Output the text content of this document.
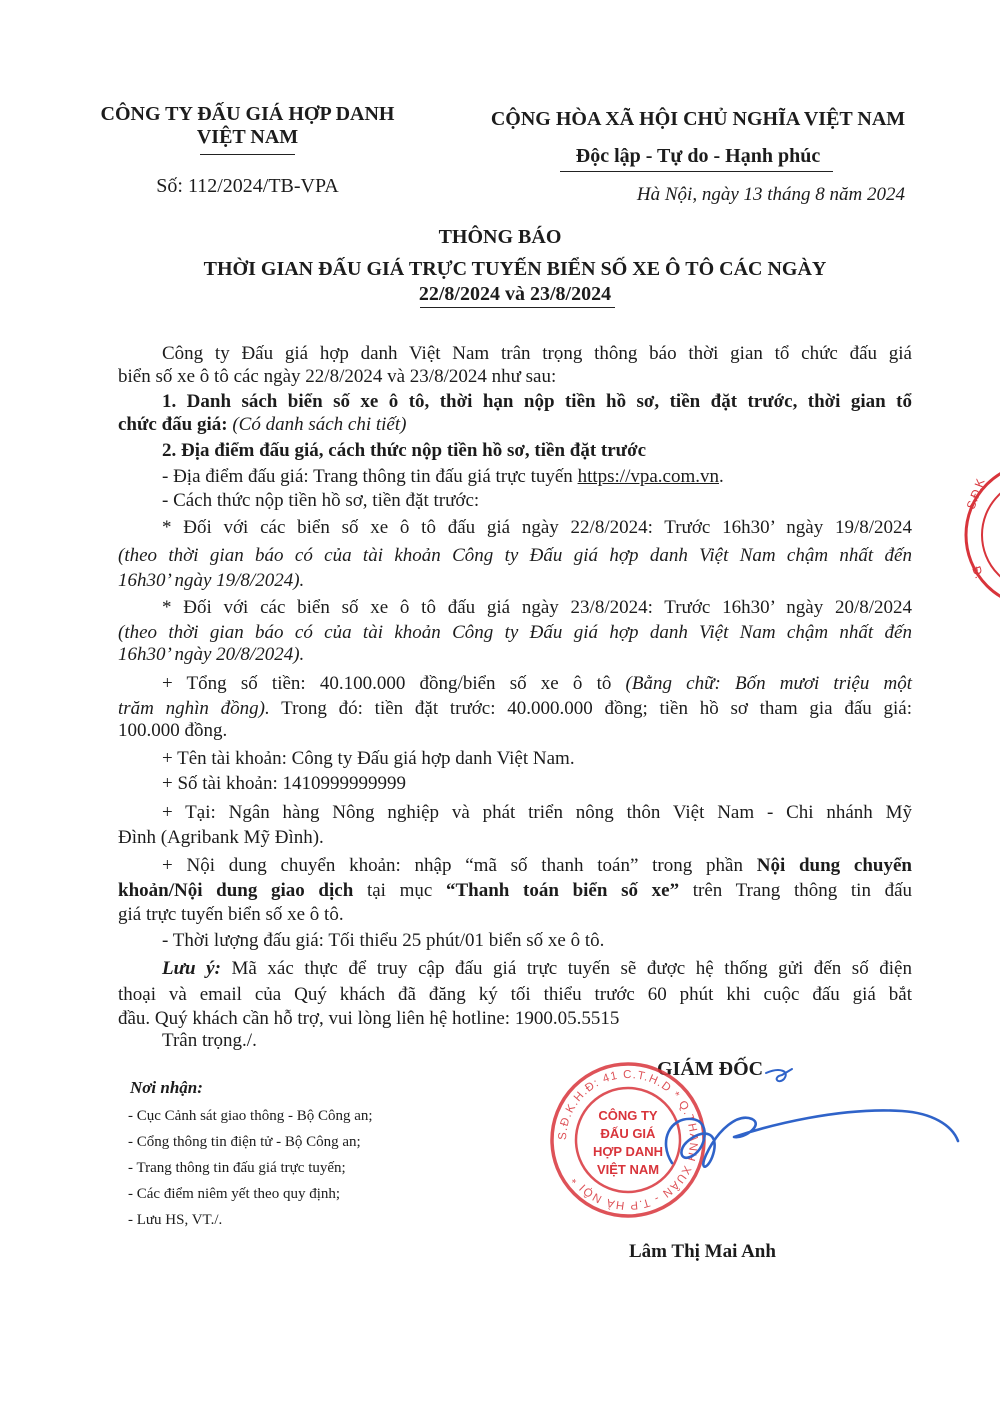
CÔNG TY ĐẤU GIÁ HỢP DANH
VIỆT NAM
Số: 112/2024/TB-VPA
CỘNG HÒA XÃ HỘI CHỦ NGHĨA VIỆT NAM
Độc lập - Tự do - Hạnh phúc
Hà Nội, ngày 13 tháng 8 năm 2024
THÔNG BÁO
THỜI GIAN ĐẤU GIÁ TRỰC TUYẾN BIỂN SỐ XE Ô TÔ CÁC NGÀY
22/8/2024 và 23/8/2024
Công ty Đấu giá hợp danh Việt Nam trân trọng thông báo thời gian tổ chức đấu giá
biển số xe ô tô các ngày 22/8/2024 và 23/8/2024 như sau:
1. Danh sách biển số xe ô tô, thời hạn nộp tiền hồ sơ, tiền đặt trước, thời gian tổ
chức đấu giá: (Có danh sách chi tiết)
2. Địa điểm đấu giá, cách thức nộp tiền hồ sơ, tiền đặt trước
- Địa điểm đấu giá: Trang thông tin đấu giá trực tuyến https://vpa.com.vn.
- Cách thức nộp tiền hồ sơ, tiền đặt trước:
* Đối với các biển số xe ô tô đấu giá ngày 22/8/2024: Trước 16h30’ ngày 19/8/2024
(theo thời gian báo có của tài khoản Công ty Đấu giá hợp danh Việt Nam chậm nhất đến
16h30’ ngày 19/8/2024).
* Đối với các biển số xe ô tô đấu giá ngày 23/8/2024: Trước 16h30’ ngày 20/8/2024
(theo thời gian báo có của tài khoản Công ty Đấu giá hợp danh Việt Nam chậm nhất đến
16h30’ ngày 20/8/2024).
+ Tổng số tiền: 40.100.000 đồng/biển số xe ô tô (Bằng chữ: Bốn mươi triệu một
trăm nghìn đồng). Trong đó: tiền đặt trước: 40.000.000 đồng; tiền hồ sơ tham gia đấu giá:
100.000 đồng.
+ Tên tài khoản: Công ty Đấu giá hợp danh Việt Nam.
+ Số tài khoản: 1410999999999
+ Tại: Ngân hàng Nông nghiệp và phát triển nông thôn Việt Nam - Chi nhánh Mỹ
Đình (Agribank Mỹ Đình).
+ Nội dung chuyển khoản: nhập “mã số thanh toán” trong phần Nội dung chuyển
khoản/Nội dung giao dịch tại mục “Thanh toán biển số xe” trên Trang thông tin đấu
giá trực tuyến biển số xe ô tô.
- Thời lượng đấu giá: Tối thiểu 25 phút/01 biển số xe ô tô.
Lưu ý: Mã xác thực để truy cập đấu giá trực tuyến sẽ được hệ thống gửi đến số điện
thoại và email của Quý khách đã đăng ký tối thiểu trước 60 phút khi cuộc đấu giá bắt
đầu. Quý khách cần hỗ trợ, vui lòng liên hệ hotline: 1900.05.5515
Trân trọng./.
Nơi nhận:
- Cục Cảnh sát giao thông - Bộ Công an;
- Cổng thông tin điện tử - Bộ Công an;
- Trang thông tin đấu giá trực tuyến;
- Các điểm niêm yết theo quy định;
- Lưu HS, VT./.
GIÁM ĐỐC
S.Đ.K
Đ.
S.Đ.K.H.Đ: 41 C.T.H.D * Q.THANH XUÂN - T.P HÀ NỘI *
CÔNG TY
ĐẤU GIÁ
HỢP DANH
VIỆT NAM
Lâm Thị Mai Anh
